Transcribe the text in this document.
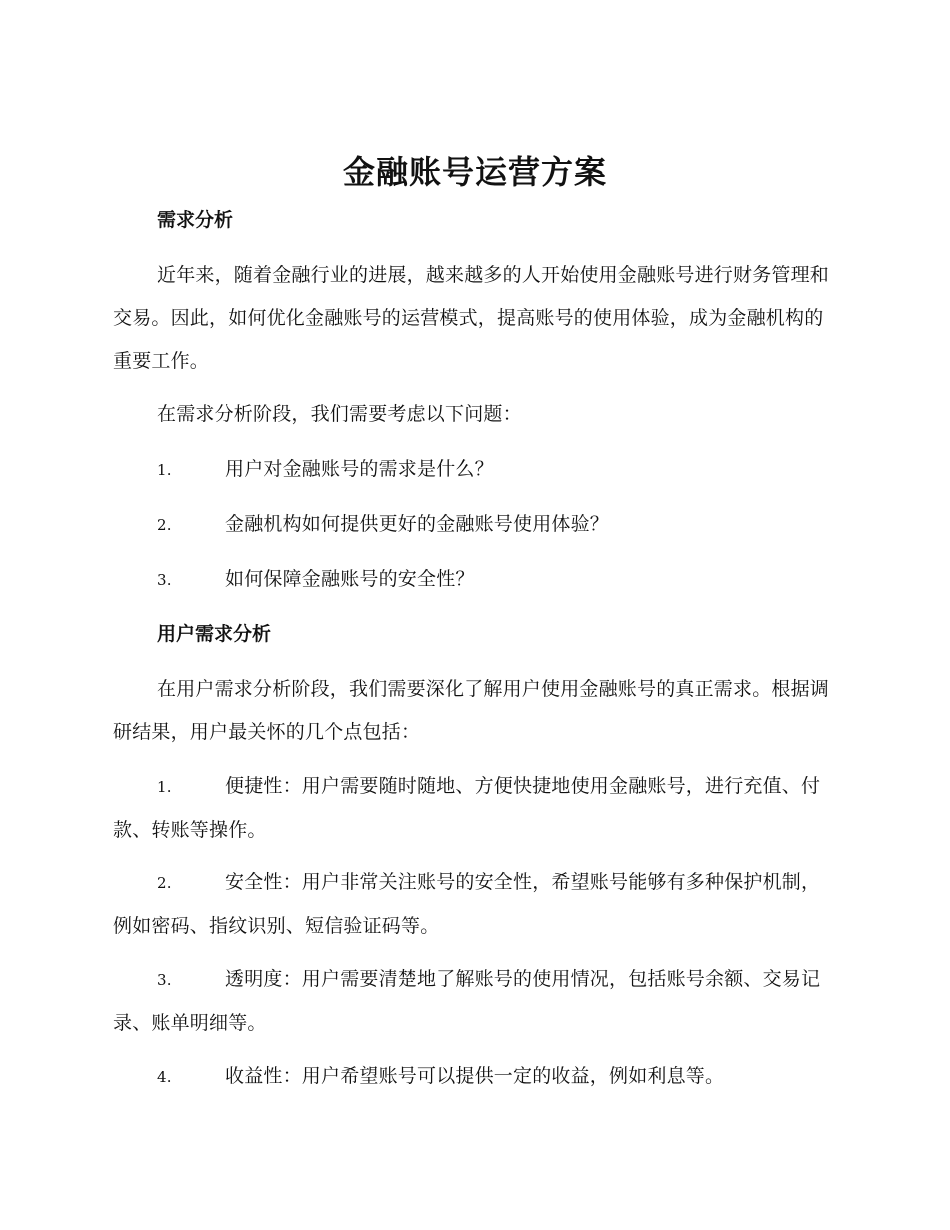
金融账号运营方案
需求分析
近年来，随着金融行业的进展，越来越多的人开始使用金融账号进行财务管理和交易。因此，如何优化金融账号的运营模式，提高账号的使用体验，成为金融机构的重要工作。
在需求分析阶段，我们需要考虑以下问题：
1.	用户对金融账号的需求是什么？
2.	金融机构如何提供更好的金融账号使用体验？
3.	如何保障金融账号的安全性？
用户需求分析
在用户需求分析阶段，我们需要深化了解用户使用金融账号的真正需求。根据调研结果，用户最关怀的几个点包括：
1.	便捷性：用户需要随时随地、方便快捷地使用金融账号，进行充值、付款、转账等操作。
2.	安全性：用户非常关注账号的安全性，希望账号能够有多种保护机制，例如密码、指纹识别、短信验证码等。
3.	透明度：用户需要清楚地了解账号的使用情况，包括账号余额、交易记录、账单明细等。
4.	收益性：用户希望账号可以提供一定的收益，例如利息等。
